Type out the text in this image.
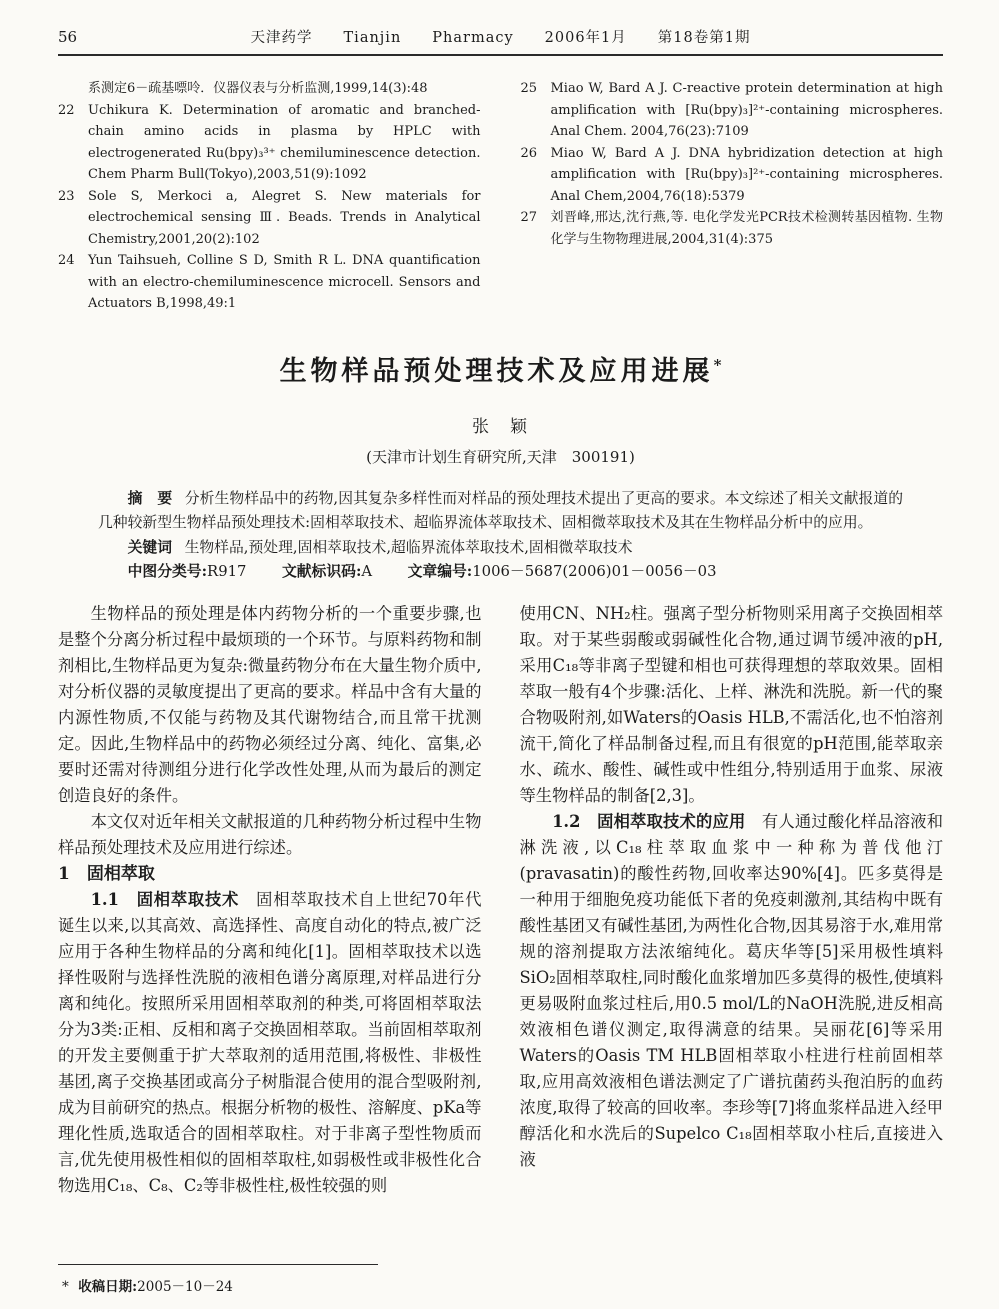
56	天津药学　　Tianjin　　Pharmacy　　2006年1月　　第18卷第1期
系测定6－疏基嘌呤．仪器仪表与分析监测,1999,14(3):48
22	Uchikura K. Determination of aromatic and branched-chain amino acids in plasma by HPLC with electrogenerated Ru(bpy)₃³⁺ chemiluminescence detection. Chem Pharm Bull(Tokyo),2003,51(9):1092
23	Sole S, Merkoci a, Alegret S. New materials for electrochemical sensing Ⅲ. Beads. Trends in Analytical Chemistry,2001,20(2):102
24	Yun Taihsueh, Colline S D, Smith R L. DNA quantification with an electro-chemiluminescence microcell. Sensors and Actuators B,1998,49:1
25	Miao W, Bard A J. C-reactive protein determination at high amplification with [Ru(bpy)₃]²⁺-containing microspheres. Anal Chem. 2004,76(23):7109
26	Miao W, Bard A J. DNA hybridization detection at high amplification with [Ru(bpy)₃]²⁺-containing microspheres. Anal Chem,2004,76(18):5379
27	刘晋峰,邢达,沈行燕,等. 电化学发光PCR技术检测转基因植物. 生物化学与生物物理进展,2004,31(4):375
生物样品预处理技术及应用进展*
张　颖
(天津市计划生育研究所,天津　300191)

摘　要 分析生物样品中的药物,因其复杂多样性而对样品的预处理技术提出了更高的要求。本文综述了相关文献报道的几种较新型生物样品预处理技术:固相萃取技术、超临界流体萃取技术、固相微萃取技术及其在生物样品分析中的应用。

关键词 生物样品,预处理,固相萃取技术,超临界流体萃取技术,固相微萃取技术

中图分类号:R917 文献标识码:A 文章编号:1006－5687(2006)01－0056－03

生物样品的预处理是体内药物分析的一个重要步骤,也是整个分离分析过程中最烦琐的一个环节。与原料药物和制剂相比,生物样品更为复杂:微量药物分布在大量生物介质中,对分析仪器的灵敏度提出了更高的要求。样品中含有大量的内源性物质,不仅能与药物及其代谢物结合,而且常干扰测定。因此,生物样品中的药物必须经过分离、纯化、富集,必要时还需对待测组分进行化学改性处理,从而为最后的测定创造良好的条件。

本文仅对近年相关文献报道的几种药物分析过程中生物样品预处理技术及应用进行综述。

1　固相萃取

1.1　固相萃取技术　固相萃取技术自上世纪70年代诞生以来,以其高效、高选择性、高度自动化的特点,被广泛应用于各种生物样品的分离和纯化[1]。固相萃取技术以选择性吸附与选择性洗脱的液相色谱分离原理,对样品进行分离和纯化。按照所采用固相萃取剂的种类,可将固相萃取法分为3类:正相、反相和离子交换固相萃取。当前固相萃取剂的开发主要侧重于扩大萃取剂的适用范围,将极性、非极性基团,离子交换基团或高分子树脂混合使用的混合型吸附剂,成为目前研究的热点。根据分析物的极性、溶解度、pKa等理化性质,选取适合的固相萃取柱。对于非离子型性物质而言,优先使用极性相似的固相萃取柱,如弱极性或非极性化合物选用C₁₈、C₈、C₂等非极性柱,极性较强的则

使用CN、NH₂柱。强离子型分析物则采用离子交换固相萃取。对于某些弱酸或弱碱性化合物,通过调节缓冲液的pH,采用C₁₈等非离子型键和相也可获得理想的萃取效果。固相萃取一般有4个步骤:活化、上样、淋洗和洗脱。新一代的聚合物吸附剂,如Waters的Oasis HLB,不需活化,也不怕溶剂流干,简化了样品制备过程,而且有很宽的pH范围,能萃取亲水、疏水、酸性、碱性或中性组分,特别适用于血浆、尿液等生物样品的制备[2,3]。

1.2　固相萃取技术的应用　有人通过酸化样品溶液和淋洗液,以C₁₈柱萃取血浆中一种称为普伐他汀(pravasatin)的酸性药物,回收率达90%[4]。匹多莫得是一种用于细胞免疫功能低下者的免疫刺激剂,其结构中既有酸性基团又有碱性基团,为两性化合物,因其易溶于水,难用常规的溶剂提取方法浓缩纯化。葛庆华等[5]采用极性填料SiO₂固相萃取柱,同时酸化血浆增加匹多莫得的极性,使填料更易吸附血浆过柱后,用0.5 mol/L的NaOH洗脱,进反相高效液相色谱仪测定,取得满意的结果。吴丽花[6]等采用Waters的Oasis TM HLB固相萃取小柱进行柱前固相萃取,应用高效液相色谱法测定了广谱抗菌药头孢泊肟的血药浓度,取得了较高的回收率。李珍等[7]将血浆样品进入经甲醇活化和水洗后的Supelco C₁₈固相萃取小柱后,直接进入液

* 收稿日期:2005－10－24
